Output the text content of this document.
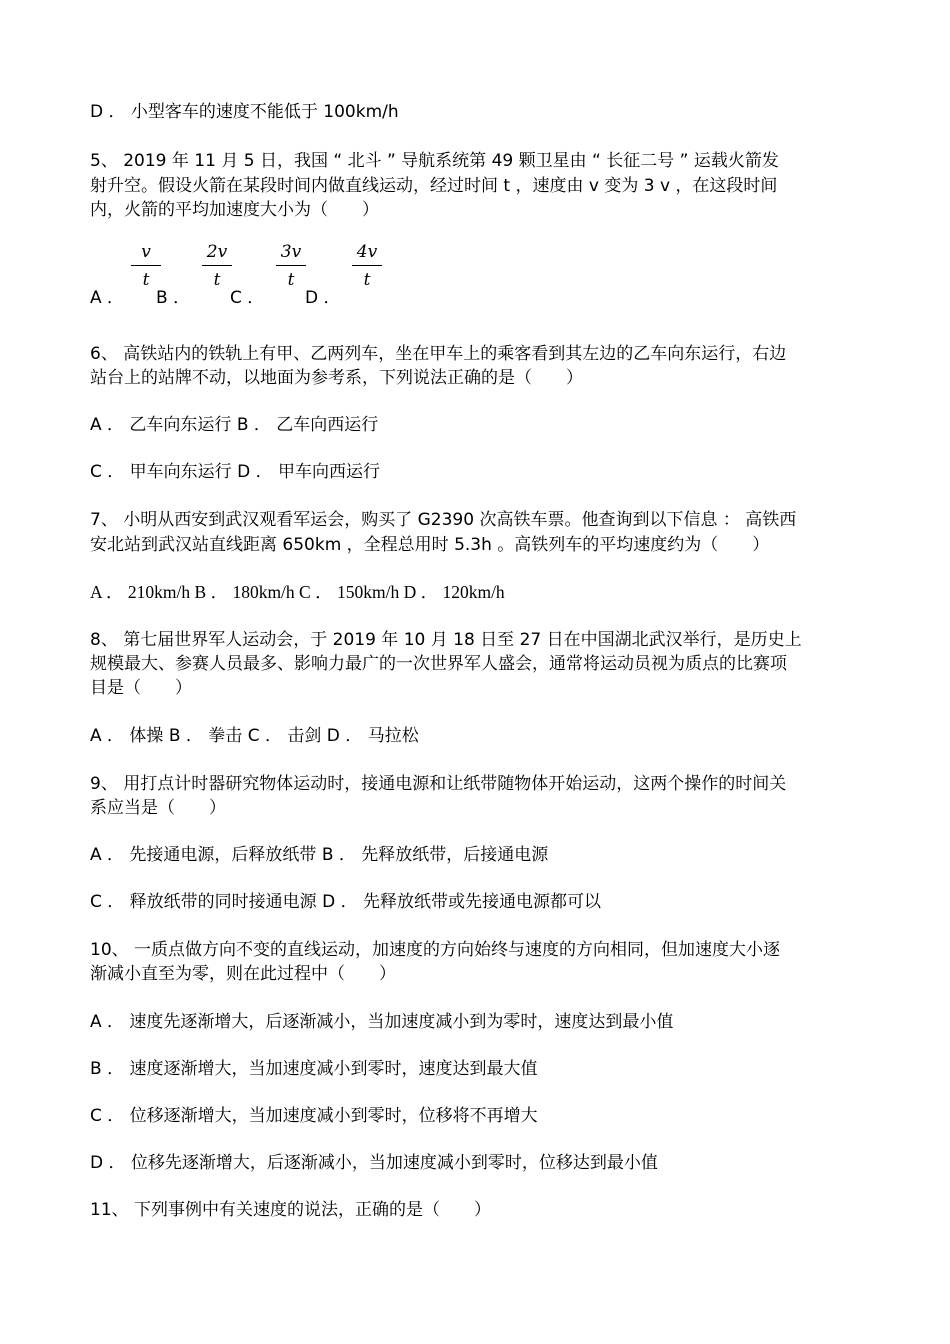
D ． 小型客车的速度不能低于 100km/h
5、 2019 年 11 月 5 日，我国 “ 北斗 ” 导航系统第 49 颗卫星由 “ 长征二号 ” 运载火箭发
射升空。假设火箭在某段时间内做直线运动，经过时间 t ，速度由 v 变为 3 v ，在这段时间
内，火箭的平均加速度大小为（　　）
A ．
v
t
B ．
2v
t
C ．
3v
t
D ．
4v
t
6、 高铁站内的铁轨上有甲、乙两列车，坐在甲车上的乘客看到其左边的乙车向东运行，右边
站台上的站牌不动，以地面为参考系，下列说法正确的是（　　）
A ． 乙车向东运行 B ． 乙车向西运行
C ． 甲车向东运行 D ． 甲车向西运行
7、 小明从西安到武汉观看军运会，购买了 G2390 次高铁车票。他查询到以下信息 ： 高铁西
安北站到武汉站直线距离 650km ，全程总用时 5.3h 。高铁列车的平均速度约为（　　）
A ． 210km/h B ． 180km/h C ． 150km/h D ． 120km/h
8、 第七届世界军人运动会，于 2019 年 10 月 18 日至 27 日在中国湖北武汉举行，是历史上
规模最大、参赛人员最多、影响力最广的一次世界军人盛会，通常将运动员视为质点的比赛项
目是（　　）
A ． 体操 B ． 拳击 C ． 击剑 D ． 马拉松
9、 用打点计时器研究物体运动时，接通电源和让纸带随物体开始运动，这两个操作的时间关
系应当是（　　）
A ． 先接通电源，后释放纸带 B ． 先释放纸带，后接通电源
C ． 释放纸带的同时接通电源 D ． 先释放纸带或先接通电源都可以
10、 一质点做方向不变的直线运动，加速度的方向始终与速度的方向相同，但加速度大小逐
渐减小直至为零，则在此过程中（　　）
A ． 速度先逐渐增大，后逐渐减小，当加速度减小到为零时，速度达到最小值
B ． 速度逐渐增大，当加速度减小到零时，速度达到最大值
C ． 位移逐渐增大，当加速度减小到零时，位移将不再增大
D ． 位移先逐渐增大，后逐渐减小，当加速度减小到零时，位移达到最小值
11、 下列事例中有关速度的说法，正确的是（　　）
